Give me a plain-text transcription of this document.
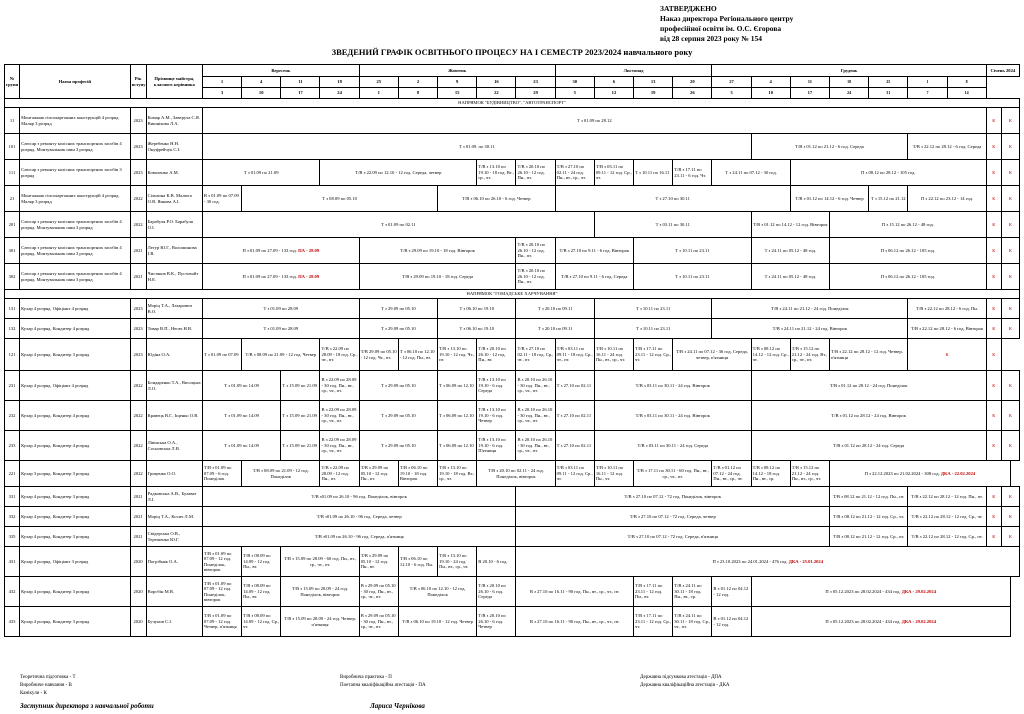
ЗАТВЕРДЖЕНО
Наказ директора Регіонального центру
професійної освіти ім. О.С. Єгорова
від 28 серпня 2023 року № 154
ЗВЕДЕНИЙ ГРАФІК ОСВІТНЬОГО ПРОЦЕСУ НА І СЕМЕСТР 2023/2024 навчального року
№ групи	Назва професій	Рік вступу	Прізвище майстра, класного керівника	Вересень				Жовтень					Листопад				Грудень							Січень 2024	
				1	4	11	18	25	2	9	16	23	30	6	13	20	27	4	11	18	25	1	8		
				3	10	17	24	1	8	15	22	29	5	12	19	26	3	10	17	24	31	7	14		
НАПРЯМОК "БУДІВНИЦТВО", "АВТОТРАНСПОРТ"																									
11	Монтажник гіпсокартонних конструкцій 4 розряд. Маляр 3 розряд	2023	Комар А.М., Заверуха С.Я. Вишнікова Л.А.	Т з 01.09 по 28.12																				К	К
101	Слюсар з ремонту колісних транспортних засобів 4 розряд. Монтувальник шин 3 розряд	2023	Жеребенко Н.Н. Онуфрейчук С.І.	Т з 01.09. по 30.11														Т/В з 01.12 по 21.12 - 6 год. Середа				Т/В з 22.12 по 28.12 - 6 год. Середа		К	К
111	Слюсар з ремонту колісних транспортних засобів 3 розряд	2023	Коваленко А.М.	Т з 01.09 по 21.09			Т/В з 22.09 по 12.10 - 12 год. Середа, четвер				Т/В з 13.10 по 19.10 - 18 год. Вт., ср., чт.	Т/В з 20.10 по 26.10 - 12 год. Пн., пт.	Т/В з 27.10 по 02.11 - 24 год. Пн., вт., ср., чт.	Т/В з 03.11 по 09.11 - 12 год. Ср., чт.	Т з 10.11 по 16.11	Т/В з 17.11 по 23.11 - 6 год. Чт.	Т з 24.11 по 07.12 - 30 год.		П з 08.12 по 28.12 - 105 год.					К	К
21	Монтажник гіпсокартонних конструкцій 4 розряд. Маляр 3 розряд	2022	Сільвона К.В. Малюга О.В. Янкова А.І.	В з 01.09 по 07.09 - 30 год.	Т з 08.09 по 05.10					Т/В з 06.10 по 26.10 - 6 год. Четвер			Т з 27.10 по 30.11						Т/В з 01.12 по 14.12 - 6 год. Четвер		Т з 15.12 по 21.12	П з 22.12 по 23.12 - 14 год.		К	К
201	Слюсар з ремонту колісних транспортних засобів 4 розряд. Монтувальник шин 3 розряд	2022	Барабуля Р.О. Барабуля О.І.	Т з 01.09 по 02.11										Т з 03.11 по 30.11				Т/В з 01.12 по 14.12 - 12 год. Вівторок		П з 15.12 по 26.12 - 48 год.				К	К
301	Слюсар з ремонту колісних транспортних засобів 4 розряд. Монтувальник шин 3 розряд	2021	Легур Ю.Г., Волошинова І.В.	П з 01.09 по 27.09 - 133 год. ПА - 28.09				Т/В з 29.09 по 19.10 - 18 год. Вівторок				Т/В з 20.10 по 26.10 - 12 год. Пн., пт.	Т/В з 27.10 по 9.11 - 6 год. Вівторок		Т з 10.11 по 23.11			Т з 24.11 по 05.12 - 48 год.		П з 06.12 по 26.12 - 105 год.				К	К
302	Слюсар з ремонту колісних транспортних засобів 4 розряд. Монтувальник шин 3 розряд	2021	Чистяков В.К., Пустовойт Н.Е.	П з 01.09 по 27.09 - 133 год. ПА - 28.09				Т/В з 29.09 по 19.10 - 18 год. Середа				Т/В з 20.10 по 26.10 - 12 год. Пн., пт.	Т/В з 27.10 по 9.11 - 6 год. Середа		Т з 10.11 по 23.11			Т з 24.11 по 05.12 - 48 год.		П з 06.12 по 26.12 - 105 год.				К	К
НАПРЯМОК "ГОМАДСЬКЕ ХАРЧУВАННЯ"																									
131	Кухар 4 розряд. Офіціант 4 розряд	2023	Моріц Т.А., Лазарович В.О.	Т з 01.09 по 28.09				Т з 29.09 по 05.10		Т з 06.10 по 19.10		Т з 20.10 по 09.11		Т з 10.11 по 23.11			Т/В з 24.11 по 21.12 - 24 год. Понеділок					Т/В з 22.12 по 28.12 - 6 год. Пн.		К	К
132	Кухар 4 розряд. Кондитер 4 розряд	2023	Товар В.П., Негач Н.В.	Т з 01.09 по 28.09				Т з 29.09 по 05.10		Т з 06.10 по 19.10		Т з 20.10 по 09.11		Т з 10.11 по 23.11			Т/В з 24.11 по 21.12 - 24 год. Вівторок					Т/В з 22.12 по 28.12 - 6 год. Вівторок		К	К
121	Кухар 4 розряд. Кондитер 3 розряд	2023	Юдіна О.А.	Т з 01.09 по 07.09	Т/В з 08.09 по 21.09 - 12 год. Четвер		Т/В з 22.09 по 28.09 - 18 год. Ср., чт., пт.	Т/В 29.09 по 05.10 - 12 год. Чт., пт.	Т з 06.10 по 12.10 - 12 год. Пн., вт.	Т/В з 13.10 по 19.10 - 12 год. Чт., пт.	Т/В з 20.10 по 26.10 - 12 год. Пн., вт.	Т/В з 27.10 по 02.11 - 18 год. Ср., чт., пт.	Т/В з 03.11 по 09.11 - 18 год. Ср., чт., пт.	Т/В з 10.11 по 16.11 - 24 год. Пн., вт., ср., чт.	Т/В з 17.11 по 23.11 - 12 год. Ср., чт.	Т/В з 24.11 по 07.12 - 36 год. Середа, четвер, п'ятниця		Т/В з 08.12 по 14.12 - 12 год. Ср., чт.	Т/В з 15.12 по 21.12 - 24 год. Вт., ср., чт., пт.	Т/В з 22.12 по 28.12 - 12 год. Четвер, п'ятниця		К		К	
231	Кухар 4 розряд. Офіціант 4 розряд	2022	Бондаренко Т.А., Висоцька Л.О.	Т з 01.09 по 14.09		Т з 15.09 по 21.09	В з 22.09 по 28.09 - 30 год. Пн., вт., ср., чт., пт.	Т з 29.09 по 05.10		Т з 06.09 по 12.10	Т/В з 13.10 по 19.10 - 6 год. Середа	В з 20.10 по 26.10 - 30 год. Пн., вт., ср., чт., пт.	Т з 27.10 по 02.11	Т/В з 03.11 по 30.11 - 24 год. Вівторок				Т/В з 01.12 по 28.12 - 24 год. Понеділок						К	К
232	Кухар 4 розряд. Кондитер 4 розряд	2022	Кравець В.Г., Іщенко О.В.	Т з 01.09 по 14.09		Т з 15.09 по 21.09	В з 22.09 по 28.09 - 30 год. Пн., вт., ср., чт., пт.	Т з 29.09 по 05.10		Т з 06.09 по 12.10	Т/В з 13.10 по 19.10 - 6 год. Четвер	В з 20.10 по 26.10 - 30 год. Пн., вт., ср., чт., пт.	Т з 27.10 по 02.11	Т/В з 03.11 по 30.11 - 24 год. Вівторок				Т/В з 01.12 по 28.12 - 24 год. Вівторок						К	К
233	Кухар 4 розряд. Кондитер 4 розряд	2022	Лівінська О.А., Сосновська Л.В.	Т з 01.09 по 14.09		Т з 15.09 по 21.09	В з 22.09 по 28.09 - 30 год. Пн., вт., ср., чт., пт.	Т з 29.09 по 05.10		Т з 06.09 по 12.10	Т/В з 13.10 по 19.10 - 6 год. П'ятниця	В з 20.10 по 26.10 - 30 год. Пн., вт., ср., чт., пт.	Т з 27.10 по 02.11	Т/В з 03.11 по 30.11 - 24 год. Середа				Т/В з 01.12 по 28.12 - 24 год. Середа						К	К
221	Кухар 3 розряд. Кондитер 3 розряд	2022	Гриценко О.О.	Т/В з 01.09 по 07.09 - 6 год. Понеділок	Т/В з 08.09 по 21.09 - 12 год. Понеділок		Т/В з 22.09 по 28.09 - 12 год. Пн., пт.	Т/В з 29.09 по 05.10 - 12 год. Пн., пт.	Т/В з 06.10 по 19.10 - 18 год. Вівторок	Т/В з 13.10 по 19.10 - 18 год. Вт., ср., чт.	Т/В з 20.10 по 02.11 - 24 год. Понеділок, вівторок		Т/В з 03.11 по 09.11 - 12 год. Ср., чт.	Т/В з 10.11 по 16.11 - 12 год. Пн., чт.	Т/В з 17.11 по 30.11 - 60 год. Пн., вт., ср., чт., пт.		Т/В з 01.12 по 07.12 - 24 год. Пн., вт., ср., чт.	Т/В з 08.12 по 14.12 - 18 год. Пн., вт., ср.	Т/В з 15.12 по 21.12 - 24 год. Пн., вт., ср., чт.	П з 22.12.2023 по 21.02.2024 - 308 год. ДКА - 22.02.2024					
331	Кухар 4 розряд. Кондитер 3 розряд	2021	Радковська А.В., Булават Л.І.	Т/В з01.09 по 26.10 - 96 год. Понеділок, вівторок								Т/В з 27.10 по 07.12 - 72 год. Понеділок, вівторок								Т/В з 08.12 по 21.12 - 12 год. Пн., пт.		Т/В з 22.12 по 28.12 - 12 год. Пн., пт.		К	К
332	Кухар 4 розряд. Кондитер 3 розряд	2021	Моріц Т.А., Косич Л.М.	Т/В з01.09 по 26.10 - 96 год. Середа, четвер								Т/В з 27.10 по 07.12 - 72 год. Середа, четвер								Т/В з 08.12 по 21.12 - 12 год. Ср., чт.		Т/В з 22.12 по 28.12 - 12 год. Ср., чт.		К	К
335	Кухар 4 розряд. Кондитер 3 розряд	2021	Свідерська О.В., Терешенко Ю.Г.	Т/В з01.09 по 26.10 - 96 год. Середа, п'ятниця								Т/В з 27.10 по 07.12 - 72 год. Середа, п'ятниця								Т/В з 08.12 по 21.12 - 12 год. Ср., пт.		Т/В з 22.12 по 28.12 - 12 год. Ср., пт.		К	К
431	Кухар 4 розряд. Офіціант 3 розряд	2020	Погрібняк О.А.	Т/В з 01.09 по 07.09 - 12 год. Понеділок, вівторок	Т/В з 08.09 по 14.09 - 12 год. Пн., вт.	Т/В з 15.09 по 28.09 - 60 год. Пн., вт., ср., чт., пт.		Т/В з 29.09 по 05.10 - 12 год. Пн., вт.	Т/В з 06.10 по 12.10 - 6 год. Пн.	Т/В з 13.10 по 19.10 - 24 год. Пн., вт., ср., чт.	В 20.10 - 6 год.	П з 23.10.2023 по 24.01.2024 - 476 год. ДКА - 25.01.2024													
432	Кухар 4 розряд. Кондитер 3 розряд	2020	Ворсбін М.В.	Т/В з 01.09 по 07.09 - 12 год. Понеділок, вівторок	Т/В з 08.09 по 14.09 - 12 год. Пн., вт.	Т/В з 15.09 по 28.09 - 24 год. Понеділок, вівторок		В з 29.09 по 05.10 - 30 год. Пн., вт., ср., чт., пт.	Т/В з 06.10 по 12.10 - 12 год. Понеділок		Т/В з 20.10 по 26.10 - 6 год. Середа	В з 27.10 по 16.11 - 90 год. Пн., вт., ср., чт., пт.			Т/В з 17.11 по 23.11 - 12 год. Пн., вт.	Т/В з 24.11 по 30.11 - 18 год. Пн., вт., ср.	В з 01.12 по 04.12 - 12 год.	П з 05.12.2023 по 28.02.2024 - 434 год. ДКА - 29.02.2024							
433	Кухар 4 розряд. Кондитер 3 розряд	2020	Бучунов С.І.	Т/В з 01.09 по 07.09 - 12 год. Четвер, п'ятниця	Т/В з 08.09 по 14.09 - 12 год. Ср., чт.	Т/В з 15.09 по 28.09 - 24 год. Четвер, п'ятниця		В з 29.09 по 05.10 - 30 год. Пн., вт., ср., чт., пт.	Т/В з 06.10 по 19.10 - 12 год. Четвер		Т/В з 20.10 по 26.10 - 6 год. Четвер	В з 27.10 по 16.11 - 90 год. Пн., вт., ср., чт., пт.			Т/В з 17.11 по 23.11 - 12 год. Ср., чт.	Т/В з 24.11 по 30.11 - 18 год. Ср., чт., пт.	В з 01.12 по 04.12 - 12 год.	П з 05.12.2023 по 28.02.2024 - 434 год. ДКА - 29.02.2024							
Теоретична підготовка - Т
Виробниче навчання - В
Канікули - К
Виробнича практика - П
Поетапна кваліфікаційна атестація - ПА
Державна підсумкова атестація - ДПА
Державна кваліфікаційна атестація - ДКА
Заступник директора з навчальної роботи	Лариса Чернікова
